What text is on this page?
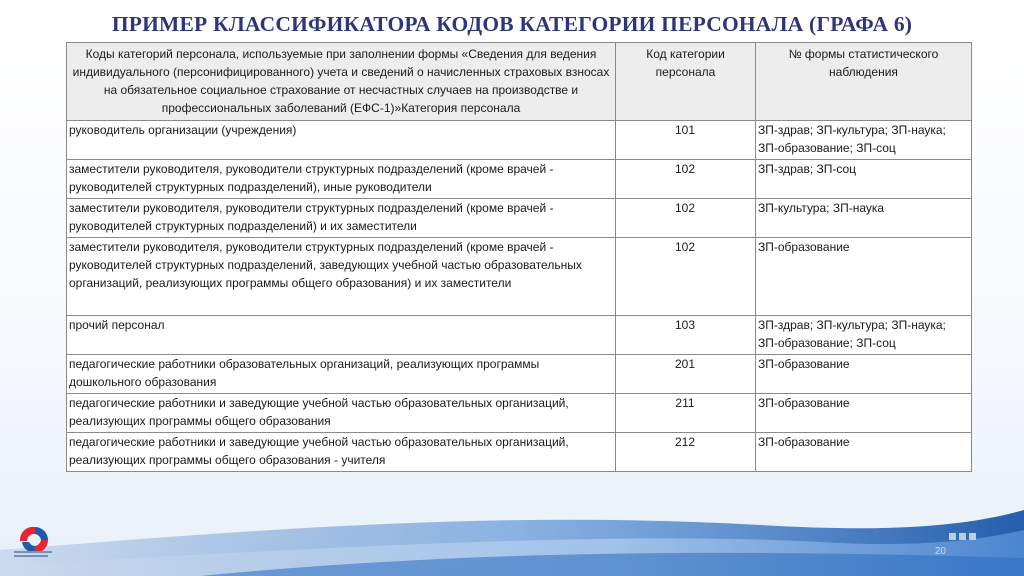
ПРИМЕР КЛАССИФИКАТОРА КОДОВ КАТЕГОРИИ ПЕРСОНАЛА (ГРАФА 6)
Коды категорий персонала, используемые при заполнении формы «Сведения для ведения индивидуального (персонифицированного) учета и сведений о начисленных страховых взносах на обязательное социальное страхование от несчастных случаев на производстве и профессиональных заболеваний (ЕФС-1)»Категория персонала	Код категории персонала	№ формы статистического наблюдения
руководитель организации (учреждения)	101	ЗП-здрав; ЗП-культура; ЗП-наука; ЗП-образование; ЗП-соц
заместители руководителя, руководители структурных подразделений (кроме врачей - руководителей структурных подразделений), иные руководители	102	ЗП-здрав; ЗП-соц
заместители руководителя, руководители структурных подразделений (кроме врачей - руководителей структурных подразделений) и их заместители	102	ЗП-культура; ЗП-наука
заместители руководителя, руководители структурных подразделений (кроме врачей - руководителей структурных подразделений, заведующих учебной частью образовательных организаций, реализующих программы общего образования) и их заместители	102	ЗП-образование
прочий персонал	103	ЗП-здрав; ЗП-культура; ЗП-наука; ЗП-образование; ЗП-соц
педагогические работники образовательных организаций, реализующих программы дошкольного образования	201	ЗП-образование
педагогические работники и заведующие учебной частью образовательных организаций, реализующих программы общего образования	211	ЗП-образование
педагогические работники и заведующие учебной частью образовательных организаций, реализующих программы общего образования - учителя	212	ЗП-образование
20
